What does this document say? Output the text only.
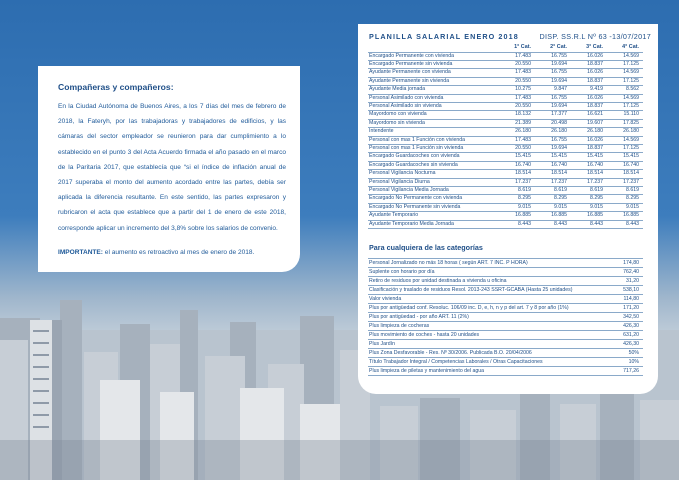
Compañeras y compañeros:
En la Ciudad Autónoma de Buenos Aires, a los 7 días del mes de febrero de 2018, la Fateryh, por las trabajadoras y trabajadores de edificios, y las cámaras del sector empleador se reunieron para dar cumplimiento a lo establecido en el punto 3 del Acta Acuerdo firmada el año pasado en el marco de la Paritaria 2017, que establecía que “si el índice de inflación anual de 2017 superaba el monto del aumento acordado entre las partes, debía ser aplicada la diferencia resultante. En este sentido, las partes expresaron y rubricaron el acta que establece que a partir del 1 de enero de este 2018, corresponde aplicar un incremento del 3,8% sobre los salarios de convenio.
IMPORTANTE: el aumento es retroactivo al mes de enero de 2018.
PLANILLA SALARIAL ENERO 2018	DISP. SS.R.L Nº 63 -13/07/2017
	1° Cat.	2° Cat.	3° Cat.	4° Cat.
Encargado Permanente con vivienda	17.483	16.755	16.026	14.569
Encargado Permanente sin vivienda	20.550	19.694	18.837	17.125
Ayudante Permanente con vivienda	17.483	16.755	16.026	14.569
Ayudante Permanente sin vivienda	20.550	19.694	18.837	17.125
Ayudante Media jornada	10.275	9.847	9.419	8.562
Personal Asimilado con vivienda	17.483	16.755	16.026	14.569
Personal Asimilado sin vivienda	20.550	19.694	18.837	17.125
Mayordomo con vivienda	18.132	17.377	16.621	15.110
Mayordomo sin vivienda	21.389	20.498	19.607	17.825
Intendente	26.180	26.180	26.180	26.180
Personal con mas 1 Función con vivienda	17.483	16.755	16.026	14.569
Personal con mas 1 Función sin vivienda	20.550	19.694	18.837	17.125
Encargado Guardacoches con vivienda	15.415	15.415	15.415	15.415
Encargado Guardacoches sin vivienda	16.740	16.740	16.740	16.740
Personal Vigilancia Nocturna	18.514	18.514	18.514	18.514
Personal Vigilancia Diurna	17.237	17.237	17.237	17.237
Personal Vigilancia Media Jornada	8.619	8.619	8.619	8.619
Encargado No Permanente con vivienda	8.295	8.295	8.295	8.295
Encargado No Permanente sin vivienda	9.015	9.015	9.015	9.015
Ayudante Temporario	16.885	16.885	16.885	16.885
Ayudante Temporario Media Jornada	8.443	8.443	8.443	8.443
Para cualquiera de las categorías
Personal Jornalizado no más 18 horas ( según ART. 7 INC. P HORA)	174,80
Suplente con horario por día	762,40
Retiro de residuos por unidad destinada a vivienda u oficina	31,20
Clasificación y traslado de residuos Resol. 2013-243 SSRT-GCABA (Hasta 25 unidades)	538,10
Valor vivienda	114,80
Plus por antigüedad conf. Resoluc. 106/09 inc. D, e, h, n y p del art. 7 y 8 por año (1%)	171,20
Plus por antigüedad - por año ART. 11 (2%)	342,50
Plus limpieza de cocheras	426,30
Plus movimiento de coches - hasta 20 unidades	631,20
Plus Jardín	426,30
Plus Zona Desfavorable - Res. Nº 30/2006. Publicada B.O. 20/04/2006	50%
Título Trabajador Integral / Competencias Laborales / Otras Capacitaciones	10%
Plus limpieza de piletas y mantenimiento del agua	717,26
